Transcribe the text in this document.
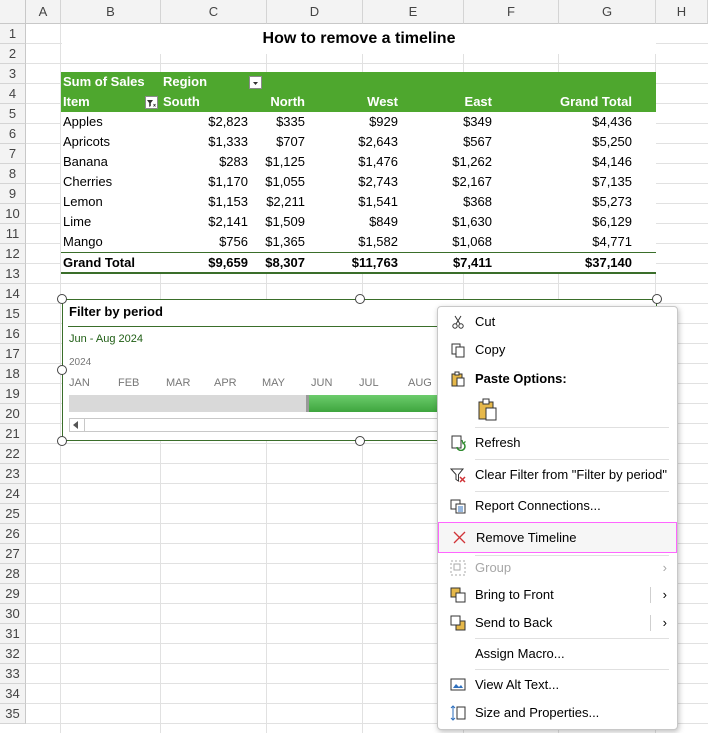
A	B	C	D	E	F	G	H
1
2
3
4
5
6
7
8
9
10
11
12
13
14
15
16
17
18
19
20
21
22
23
24
25
26
27
28
29
30
31
32
33
34
35
How to remove a timeline
Sum of Sales Region
Item	South	North	West	East	Grand Total
Apples	$2,823	$335	$929	$349	$4,436
Apricots	$1,333	$707	$2,643	$567	$5,250
Banana	$283	$1,125	$1,476	$1,262	$4,146
Cherries	$1,170	$1,055	$2,743	$2,167	$7,135
Lemon	$1,153	$2,211	$1,541	$368	$5,273
Lime	$2,141	$1,509	$849	$1,630	$6,129
Mango	$756	$1,365	$1,582	$1,068	$4,771
Grand Total	$9,659	$8,307	$11,763	$7,411	$37,140
Filter by period
Jun - Aug 2024
2024
JAN	FEB MAR APR MAY JUN JUL	AUG
Cut
Copy
Paste Options:
Refresh
Clear Filter from "Filter by period"
Report Connections...
Remove Timeline
Group	›
Bring to Front	›
Send to Back	›
Assign Macro...
View Alt Text...
Size and Properties...
